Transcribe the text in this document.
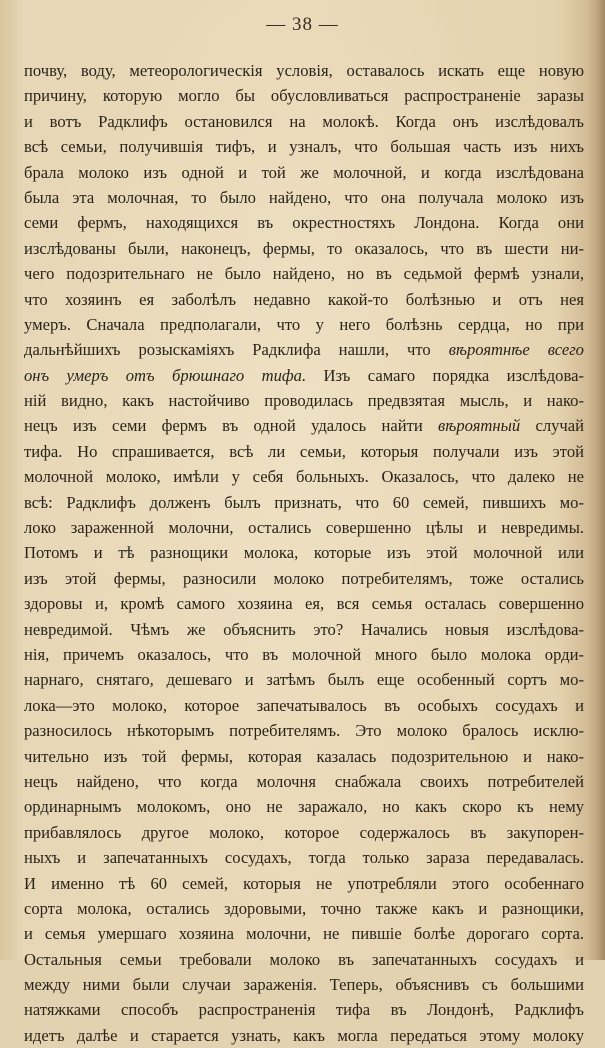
— 38 —
почву, воду, метеорологическія условія, оставалось искать еще новую
причину, которую могло бы обусловливаться распространеніе заразы
и вотъ Радклифъ остановился на молокѣ. Когда онъ изслѣдовалъ
всѣ семьи, получившія тифъ, и узналъ, что большая часть изъ нихъ
брала молоко изъ одной и той же молочной, и когда изслѣдована
была эта молочная, то было найдено, что она получала молоко изъ
семи фермъ, находящихся въ окрестностяхъ Лондона. Когда они
изслѣдованы были, наконецъ, фермы, то оказалось, что въ шести ни-
чего подозрительнаго не было найдено, но въ седьмой фермѣ узнали,
что хозяинъ ея заболѣлъ недавно какой-то болѣзнью и отъ нея
умеръ. Сначала предполагали, что у него болѣзнь сердца, но при
дальнѣйшихъ розыскаміяхъ Радклифа нашли, что вѣроятнѣе всего
онъ умеръ отъ брюшнаго тифа. Изъ самаго порядка изслѣдова-
ній видно, какъ настойчиво проводилась предвзятая мысль, и нако-
нецъ изъ семи фермъ въ одной удалось найти вѣроятный случай
тифа. Но спрашивается, всѣ ли семьи, которыя получали изъ этой
молочной молоко, имѣли у себя больныхъ. Оказалось, что далеко не
всѣ: Радклифъ долженъ былъ признать, что 60 семей, пившихъ мо-
локо зараженной молочни, остались совершенно цѣлы и невредимы.
Потомъ и тѣ разнощики молока, которые изъ этой молочной или
изъ этой фермы, разносили молоко потребителямъ, тоже остались
здоровы и, кромѣ самого хозяина ея, вся семья осталась совершенно
невредимой. Чѣмъ же объяснить это? Начались новыя изслѣдова-
нія, причемъ оказалось, что въ молочной много было молока орди-
нарнаго, снятаго, дешеваго и затѣмъ былъ еще особенный сортъ мо-
лока—это молоко, которое запечатывалось въ особыхъ сосудахъ и
разносилось нѣкоторымъ потребителямъ. Это молоко бралось исклю-
чительно изъ той фермы, которая казалась подозрительною и нако-
нецъ найдено, что когда молочня снабжала своихъ потребителей
ординарнымъ молокомъ, оно не заражало, но какъ скоро къ нему
прибавлялось другое молоко, которое содержалось въ закупорен-
ныхъ и запечатанныхъ сосудахъ, тогда только зараза передавалась.
И именно тѣ 60 семей, которыя не употребляли этого особеннаго
сорта молока, остались здоровыми, точно также какъ и разнощики,
и семья умершаго хозяина молочни, не пившіе болѣе дорогаго сорта.
Остальныя семьи требовали молоко въ запечатанныхъ сосудахъ и
между ними были случаи зараженія. Теперь, объяснивъ съ большими
натяжками способъ распространенія тифа въ Лондонѣ, Радклифъ
идетъ далѣе и старается узнать, какъ могла передаться этому молоку
